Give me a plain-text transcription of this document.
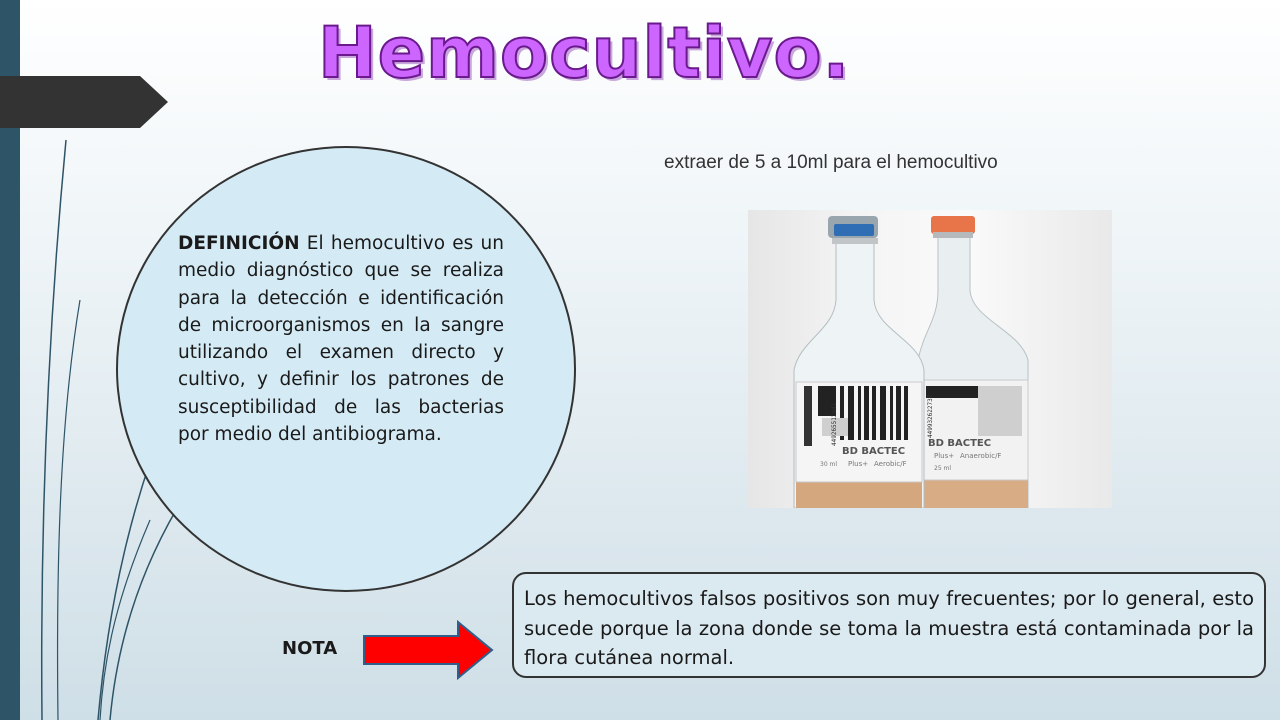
Hemocultivo.

DEFINICIÓN El hemocultivo es un medio diagnóstico que se realiza para la detección e identificación de microorganismos en la sangre utilizando el examen directo y cultivo, y definir los patrones de susceptibilidad de las bacterias por medio del antibiograma.

extraer de 5 a 10ml para el hemocultivo
BD BACTEC
Plus+ Anaerobic/F
25 ml
449932622737
BD BACTEC
Plus+ Aerobic/F
30 ml
449265512841
NOTA

Los hemocultivos falsos positivos son muy frecuentes; por lo general, esto sucede porque la zona donde se toma la muestra está contaminada por la flora cutánea normal.
